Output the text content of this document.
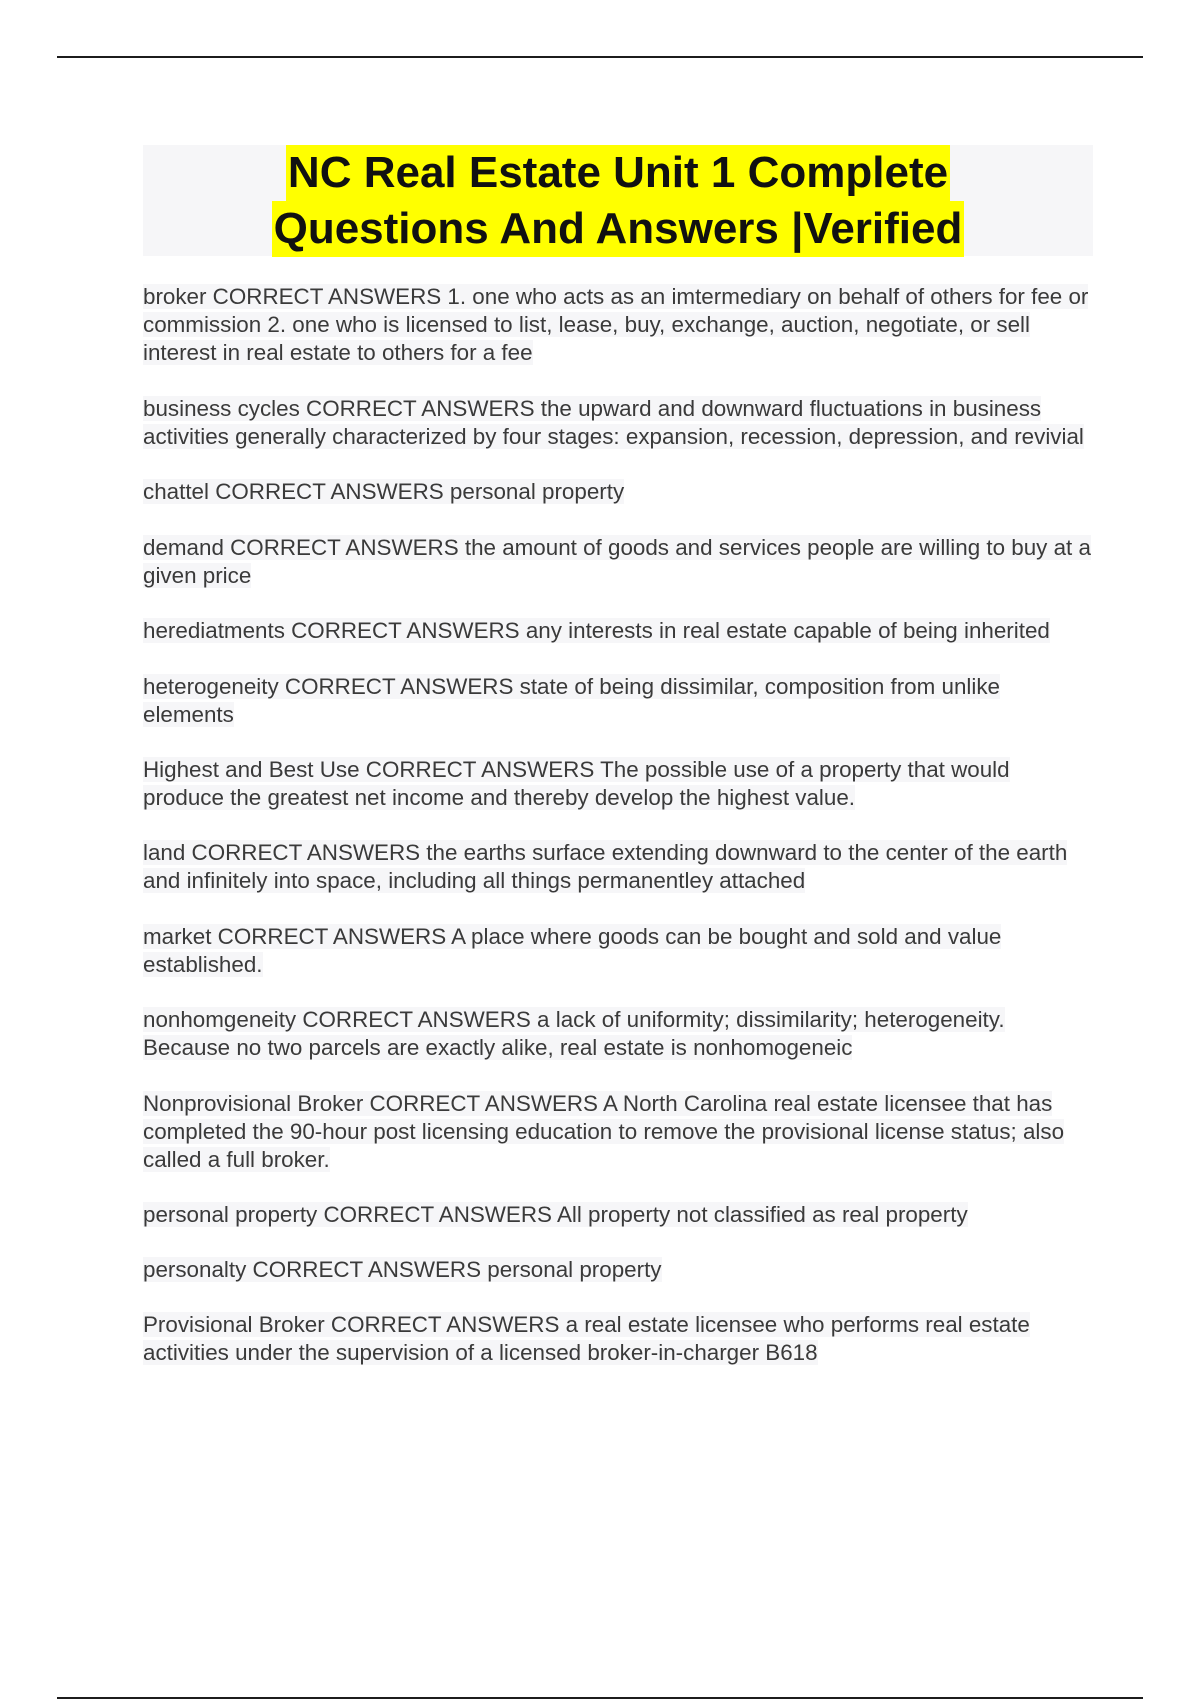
NC Real Estate Unit 1 Complete
Questions And Answers |Verified

broker CORRECT ANSWERS 1. one who acts as an imtermediary on behalf of others for fee or commission 2. one who is licensed to list, lease, buy, exchange, auction, negotiate, or sell interest in real estate to others for a fee

business cycles CORRECT ANSWERS the upward and downward fluctuations in business activities generally characterized by four stages: expansion, recession, depression, and revivial

chattel CORRECT ANSWERS personal property

demand CORRECT ANSWERS the amount of goods and services people are willing to buy at a given price

herediatments CORRECT ANSWERS any interests in real estate capable of being inherited

heterogeneity CORRECT ANSWERS state of being dissimilar, composition from unlike elements

Highest and Best Use CORRECT ANSWERS The possible use of a property that would produce the greatest net income and thereby develop the highest value.

land CORRECT ANSWERS the earths surface extending downward to the center of the earth and infinitely into space, including all things permanentley attached

market CORRECT ANSWERS A place where goods can be bought and sold and value established.

nonhomgeneity CORRECT ANSWERS a lack of uniformity; dissimilarity; heterogeneity. Because no two parcels are exactly alike, real estate is nonhomogeneic

Nonprovisional Broker CORRECT ANSWERS A North Carolina real estate licensee that has completed the 90-hour post licensing education to remove the provisional license status; also called a full broker.

personal property CORRECT ANSWERS All property not classified as real property

personalty CORRECT ANSWERS personal property

Provisional Broker CORRECT ANSWERS a real estate licensee who performs real estate activities under the supervision of a licensed broker-in-charger B618
